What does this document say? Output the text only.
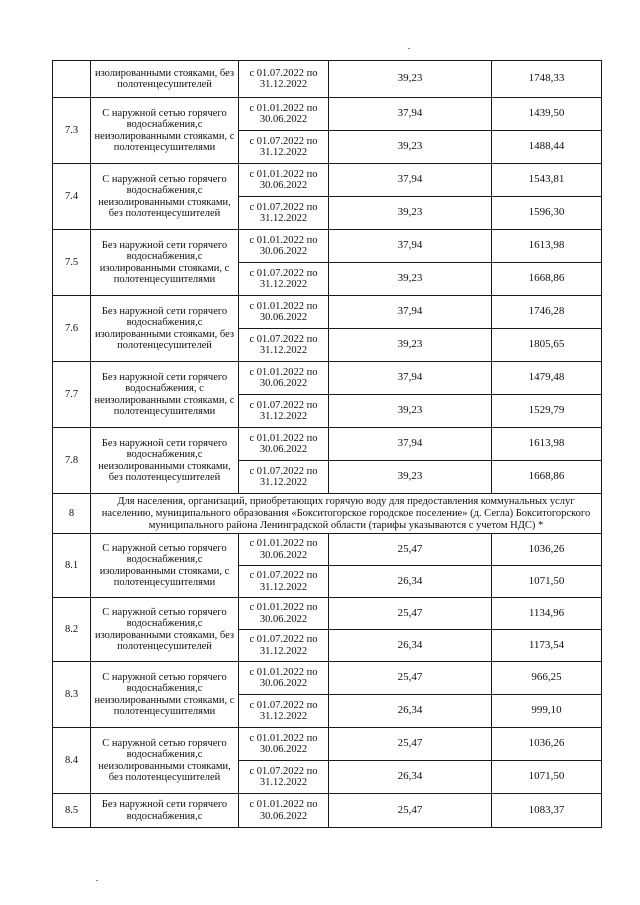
	изолированными стояками, без полотенцесушителей	с 01.07.2022 по 31.12.2022	39,23	1748,33
7.3	С наружной сетью горячего водоснабжения,с неизолированными стояками, с полотенцесушителями	с 01.01.2022 по 30.06.2022	37,94	1439,50
		с 01.07.2022 по 31.12.2022	39,23	1488,44
7.4	С наружной сетью горячего водоснабжения,с неизолированными стояками, без полотенцесушителей	с 01.01.2022 по 30.06.2022	37,94	1543,81
		с 01.07.2022 по 31.12.2022	39,23	1596,30
7.5	Без наружной сети горячего водоснабжения,с изолированными стояками, с полотенцесушителями	с 01.01.2022 по 30.06.2022	37,94	1613,98
		с 01.07.2022 по 31.12.2022	39,23	1668,86
7.6	Без наружной сети горячего водоснабжения,с изолированными стояками, без полотенцесушителей	с 01.01.2022 по 30.06.2022	37,94	1746,28
		с 01.07.2022 по 31.12.2022	39,23	1805,65
7.7	Без наружной сети горячего водоснабжения, с неизолированными стояками, с полотенцесушителями	с 01.01.2022 по 30.06.2022	37,94	1479,48
		с 01.07.2022 по 31.12.2022	39,23	1529,79
7.8	Без наружной сети горячего водоснабжения,с неизолированными стояками, без полотенцесушителей	с 01.01.2022 по 30.06.2022	37,94	1613,98
		с 01.07.2022 по 31.12.2022	39,23	1668,86
8	Для населения, организаций, приобретающих горячую воду для предоставления коммунальных услуг населению, муниципального образования «Бокситогорское городское поселение» (д. Сегла) Бокситогорского муниципального района Ленинградской области (тарифы указываются с учетом НДС) *			
8.1	С наружной сетью горячего водоснабжения,с изолированными стояками, с полотенцесушителями	с 01.01.2022 по 30.06.2022	25,47	1036,26
		с 01.07.2022 по 31.12.2022	26,34	1071,50
8.2	С наружной сетью горячего водоснабжения,с изолированными стояками, без полотенцесушителей	с 01.01.2022 по 30.06.2022	25,47	1134,96
		с 01.07.2022 по 31.12.2022	26,34	1173,54
8.3	С наружной сетью горячего водоснабжения,с неизолированными стояками, с полотенцесушителями	с 01.01.2022 по 30.06.2022	25,47	966,25
		с 01.07.2022 по 31.12.2022	26,34	999,10
8.4	С наружной сетью горячего водоснабжения,с неизолированными стояками, без полотенцесушителей	с 01.01.2022 по 30.06.2022	25,47	1036,26
		с 01.07.2022 по 31.12.2022	26,34	1071,50
8.5	Без наружной сети горячего водоснабжения,с	с 01.01.2022 по 30.06.2022	25,47	1083,37
